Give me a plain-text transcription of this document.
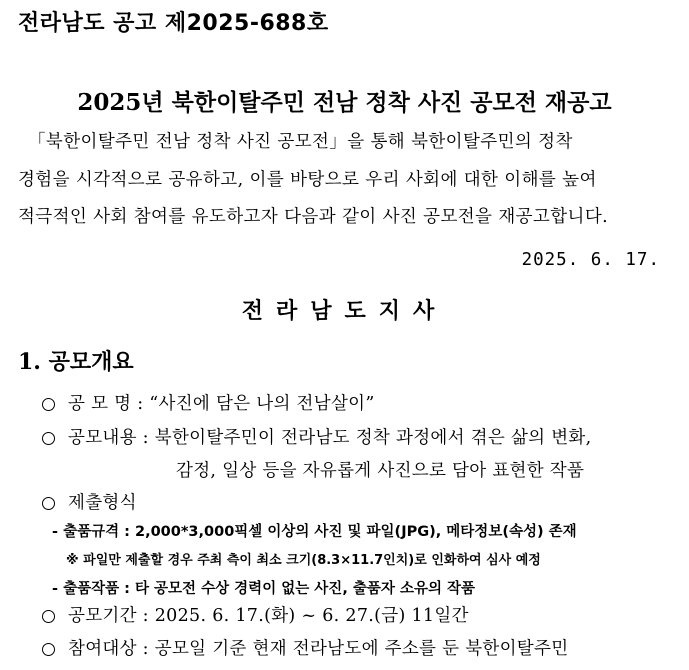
전라남도 공고 제2025-688호
2025년 북한이탈주민 전남 정착 사진 공모전 재공고
「북한이탈주민 전남 정착 사진 공모전」을 통해 북한이탈주민의 정착
경험을 시각적으로 공유하고, 이를 바탕으로 우리 사회에 대한 이해를 높여
적극적인 사회 참여를 유도하고자 다음과 같이 사진 공모전을 재공고합니다.
2025. 6. 17.
전라남도지사
1. 공모개요
공 모 명 : “사진에 담은 나의 전남살이”
공모내용 : 북한이탈주민이 전라남도 정착 과정에서 겪은 삶의 변화,
감정, 일상 등을 자유롭게 사진으로 담아 표현한 작품
제출형식
- 출품규격 : 2,000*3,000픽셀 이상의 사진 및 파일(JPG), 메타정보(속성) 존재
※ 파일만 제출할 경우 주최 측이 최소 크기(8.3×11.7인치)로 인화하여 심사 예정
- 출품작품 : 타 공모전 수상 경력이 없는 사진, 출품자 소유의 작품
공모기간 : 2025. 6. 17.(화) ~ 6. 27.(금) 11일간
참여대상 : 공모일 기준 현재 전라남도에 주소를 둔 북한이탈주민
